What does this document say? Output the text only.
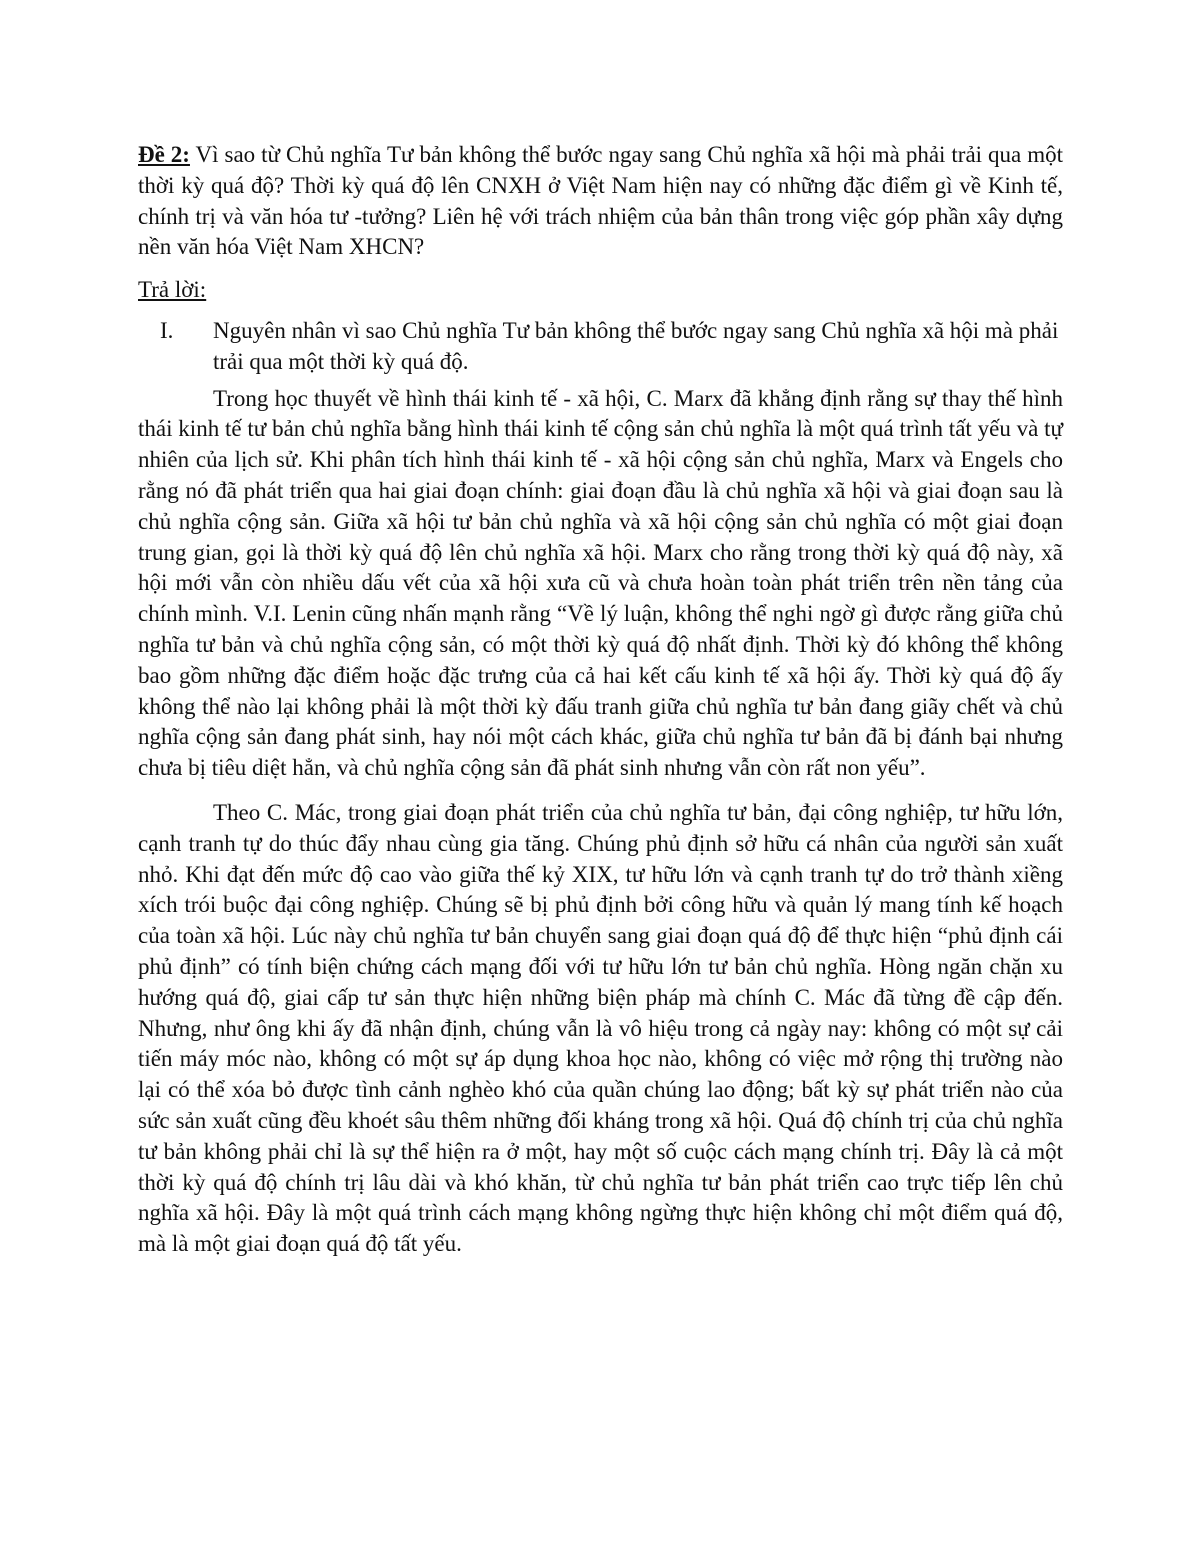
Đề 2: Vì sao từ Chủ nghĩa Tư bản không thể bước ngay sang Chủ nghĩa xã hội mà phải trải qua một thời kỳ quá độ? Thời kỳ quá độ lên CNXH ở Việt Nam hiện nay có những đặc điểm gì về Kinh tế, chính trị và văn hóa tư -tưởng? Liên hệ với trách nhiệm của bản thân trong việc góp phần xây dựng nền văn hóa Việt Nam XHCN?

Trả lời:

I.	Nguyên nhân vì sao Chủ nghĩa Tư bản không thể bước ngay sang Chủ nghĩa xã hội mà phải trải qua một thời kỳ quá độ.

Trong học thuyết về hình thái kinh tế - xã hội, C. Marx đã khẳng định rằng sự thay thế hình thái kinh tế tư bản chủ nghĩa bằng hình thái kinh tế cộng sản chủ nghĩa là một quá trình tất yếu và tự nhiên của lịch sử. Khi phân tích hình thái kinh tế - xã hội cộng sản chủ nghĩa, Marx và Engels cho rằng nó đã phát triển qua hai giai đoạn chính: giai đoạn đầu là chủ nghĩa xã hội và giai đoạn sau là chủ nghĩa cộng sản. Giữa xã hội tư bản chủ nghĩa và xã hội cộng sản chủ nghĩa có một giai đoạn trung gian, gọi là thời kỳ quá độ lên chủ nghĩa xã hội. Marx cho rằng trong thời kỳ quá độ này, xã hội mới vẫn còn nhiều dấu vết của xã hội xưa cũ và chưa hoàn toàn phát triển trên nền tảng của chính mình. V.I. Lenin cũng nhấn mạnh rằng “Về lý luận, không thể nghi ngờ gì được rằng giữa chủ nghĩa tư bản và chủ nghĩa cộng sản, có một thời kỳ quá độ nhất định. Thời kỳ đó không thể không bao gồm những đặc điểm hoặc đặc trưng của cả hai kết cấu kinh tế xã hội ấy. Thời kỳ quá độ ấy không thể nào lại không phải là một thời kỳ đấu tranh giữa chủ nghĩa tư bản đang giãy chết và chủ nghĩa cộng sản đang phát sinh, hay nói một cách khác, giữa chủ nghĩa tư bản đã bị đánh bại nhưng chưa bị tiêu diệt hẳn, và chủ nghĩa cộng sản đã phát sinh nhưng vẫn còn rất non yếu”.

Theo C. Mác, trong giai đoạn phát triển của chủ nghĩa tư bản, đại công nghiệp, tư hữu lớn, cạnh tranh tự do thúc đẩy nhau cùng gia tăng. Chúng phủ định sở hữu cá nhân của người sản xuất nhỏ. Khi đạt đến mức độ cao vào giữa thế kỷ XIX, tư hữu lớn và cạnh tranh tự do trở thành xiềng xích trói buộc đại công nghiệp. Chúng sẽ bị phủ định bởi công hữu và quản lý mang tính kế hoạch của toàn xã hội. Lúc này chủ nghĩa tư bản chuyển sang giai đoạn quá độ để thực hiện “phủ định cái phủ định” có tính biện chứng cách mạng đối với tư hữu lớn tư bản chủ nghĩa. Hòng ngăn chặn xu hướng quá độ, giai cấp tư sản thực hiện những biện pháp mà chính C. Mác đã từng đề cập đến. Nhưng, như ông khi ấy đã nhận định, chúng vẫn là vô hiệu trong cả ngày nay: không có một sự cải tiến máy móc nào, không có một sự áp dụng khoa học nào, không có việc mở rộng thị trường nào lại có thể xóa bỏ được tình cảnh nghèo khó của quần chúng lao động; bất kỳ sự phát triển nào của sức sản xuất cũng đều khoét sâu thêm những đối kháng trong xã hội. Quá độ chính trị của chủ nghĩa tư bản không phải chỉ là sự thể hiện ra ở một, hay một số cuộc cách mạng chính trị. Đây là cả một thời kỳ quá độ chính trị lâu dài và khó khăn, từ chủ nghĩa tư bản phát triển cao trực tiếp lên chủ nghĩa xã hội. Đây là một quá trình cách mạng không ngừng thực hiện không chỉ một điểm quá độ, mà là một giai đoạn quá độ tất yếu.
